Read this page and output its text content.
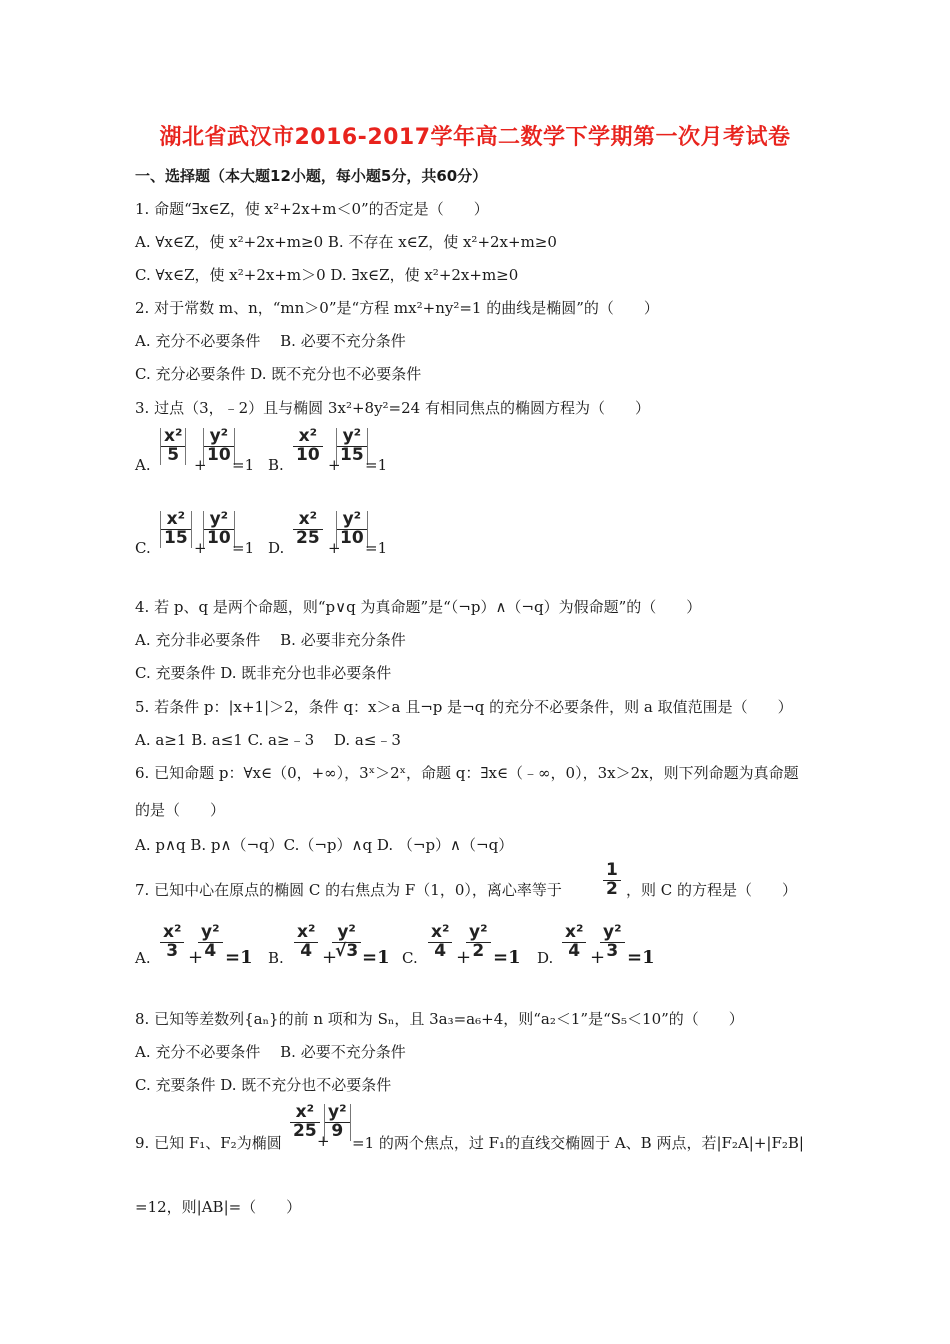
湖北省武汉市2016-2017学年高二数学下学期第一次月考试卷
一、选择题（本大题12小题，每小题5分，共60分）
1. 命题“∃x∈Z，使 x²+2x+m＜0”的否定是（　　）
A. ∀x∈Z，使 x²+2x+m≥0 B. 不存在 x∈Z，使 x²+2x+m≥0
C. ∀x∈Z，使 x²+2x+m＞0 D. ∃x∈Z，使 x²+2x+m≥0
2. 对于常数 m、n，“mn＞0”是“方程 mx²+ny²=1 的曲线是椭圆”的（　　）
A. 充分不必要条件　 B. 必要不充分条件
C. 充分必要条件 D. 既不充分也不必要条件
3. 过点（3，﹣2）且与椭圆 3x²+8y²=24 有相同焦点的椭圆方程为（　　）
A.
x²
5
+
y²
10
=1 B.
x²
10
+
y²
15
=1
C.
x²
15
+
y²
10
=1 D.
x²
25
+
y²
10
=1
4. 若 p、q 是两个命题，则“p∨q 为真命题”是“（¬p）∧（¬q）为假命题”的（　　）
A. 充分非必要条件　 B. 必要非充分条件
C. 充要条件 D. 既非充分也非必要条件
5. 若条件 p：|x+1|＞2，条件 q：x＞a 且¬p 是¬q 的充分不必要条件，则 a 取值范围是（　　）
A. a≥1 B. a≤1 C. a≥﹣3　 D. a≤﹣3
6. 已知命题 p：∀x∈（0，+∞），3ˣ＞2ˣ，命题 q：∃x∈（﹣∞，0），3x＞2x，则下列命题为真命题
的是（　　）
A. p∧q B. p∧（¬q）C.（¬p）∧q D. （¬p）∧（¬q）
7. 已知中心在原点的椭圆 C 的右焦点为 F（1，0），离心率等于
1
2 ，则 C 的方程是（　　）
A.
x²
3 +
y²
4 =1 B.
x²
4 +
y²
√3 =1 C.
x²
4 +
y²
2 =1 D.
x²
4 +
y²
3 =1
8. 已知等差数列{aₙ}的前 n 项和为 Sₙ，且 3a₃=a₆+4，则“a₂＜1”是“S₅＜10”的（　　）
A. 充分不必要条件　 B. 必要不充分条件
C. 充要条件 D. 既不充分也不必要条件
9. 已知 F₁、F₂为椭圆
x²
25
+
y²
9
=1 的两个焦点，过 F₁的直线交椭圆于 A、B 两点，若|F₂A|+|F₂B|
=12，则|AB|=（　　）
